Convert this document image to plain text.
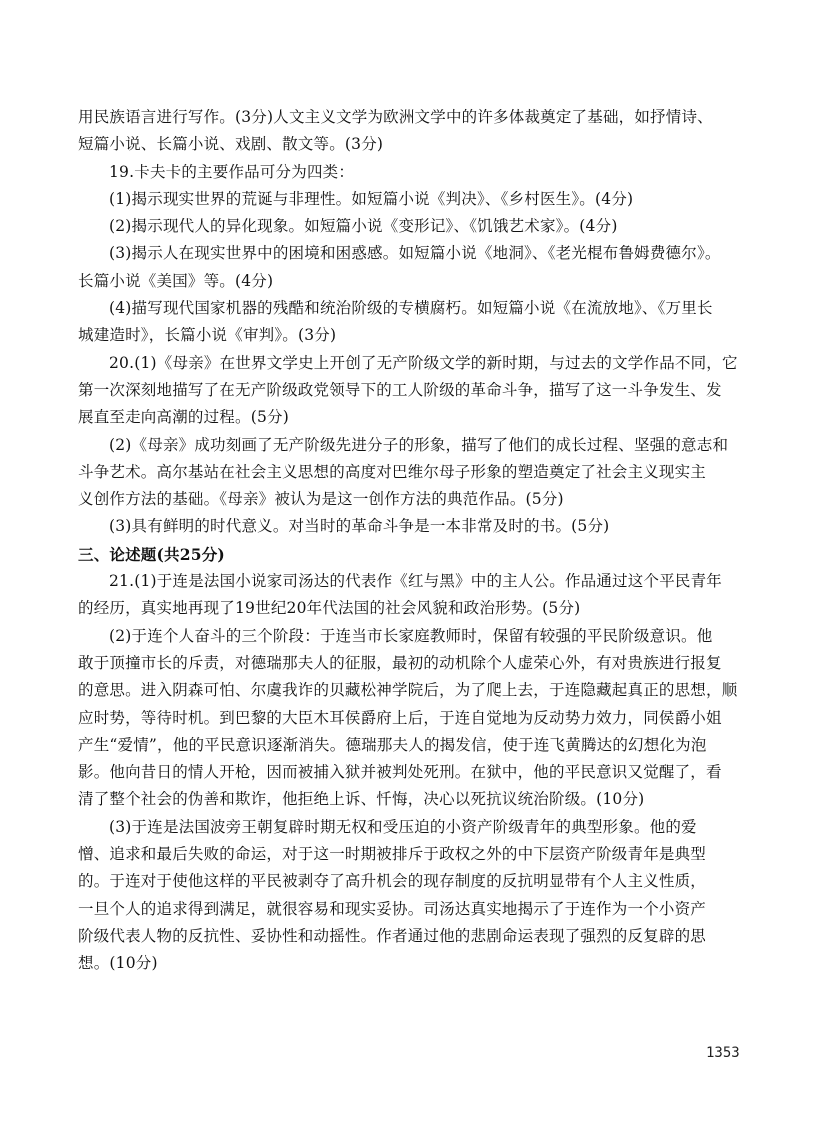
用民族语言进行写作。(3分)人文主义文学为欧洲文学中的许多体裁奠定了基础，如抒情诗、
短篇小说、长篇小说、戏剧、散文等。(3分)
19.卡夫卡的主要作品可分为四类：
(1)揭示现实世界的荒诞与非理性。如短篇小说《判决》、《乡村医生》。(4分)
(2)揭示现代人的异化现象。如短篇小说《变形记》、《饥饿艺术家》。(4分)
(3)揭示人在现实世界中的困境和困惑感。如短篇小说《地洞》、《老光棍布鲁姆费德尔》。
长篇小说《美国》等。(4分)
(4)描写现代国家机器的残酷和统治阶级的专横腐朽。如短篇小说《在流放地》、《万里长
城建造时》，长篇小说《审判》。(3分)
20.(1)《母亲》在世界文学史上开创了无产阶级文学的新时期，与过去的文学作品不同，它
第一次深刻地描写了在无产阶级政党领导下的工人阶级的革命斗争，描写了这一斗争发生、发
展直至走向高潮的过程。(5分)
(2)《母亲》成功刻画了无产阶级先进分子的形象，描写了他们的成长过程、坚强的意志和
斗争艺术。高尔基站在社会主义思想的高度对巴维尔母子形象的塑造奠定了社会主义现实主
义创作方法的基础。《母亲》被认为是这一创作方法的典范作品。(5分)
(3)具有鲜明的时代意义。对当时的革命斗争是一本非常及时的书。(5分)
三、论述题(共25分)
21.(1)于连是法国小说家司汤达的代表作《红与黑》中的主人公。作品通过这个平民青年
的经历，真实地再现了19世纪20年代法国的社会风貌和政治形势。(5分)
(2)于连个人奋斗的三个阶段：于连当市长家庭教师时，保留有较强的平民阶级意识。他
敢于顶撞市长的斥责，对德瑞那夫人的征服，最初的动机除个人虚荣心外，有对贵族进行报复
的意思。进入阴森可怕、尔虞我诈的贝藏松神学院后，为了爬上去，于连隐藏起真正的思想，顺
应时势，等待时机。到巴黎的大臣木耳侯爵府上后，于连自觉地为反动势力效力，同侯爵小姐
产生“爱情”，他的平民意识逐渐消失。德瑞那夫人的揭发信，使于连飞黄腾达的幻想化为泡
影。他向昔日的情人开枪，因而被捕入狱并被判处死刑。在狱中，他的平民意识又觉醒了，看
清了整个社会的伪善和欺诈，他拒绝上诉、忏悔，决心以死抗议统治阶级。(10分)
(3)于连是法国波旁王朝复辟时期无权和受压迫的小资产阶级青年的典型形象。他的爱
憎、追求和最后失败的命运，对于这一时期被排斥于政权之外的中下层资产阶级青年是典型
的。于连对于使他这样的平民被剥夺了高升机会的现存制度的反抗明显带有个人主义性质，
一旦个人的追求得到满足，就很容易和现实妥协。司汤达真实地揭示了于连作为一个小资产
阶级代表人物的反抗性、妥协性和动摇性。作者通过他的悲剧命运表现了强烈的反复辟的思
想。(10分)
1353
